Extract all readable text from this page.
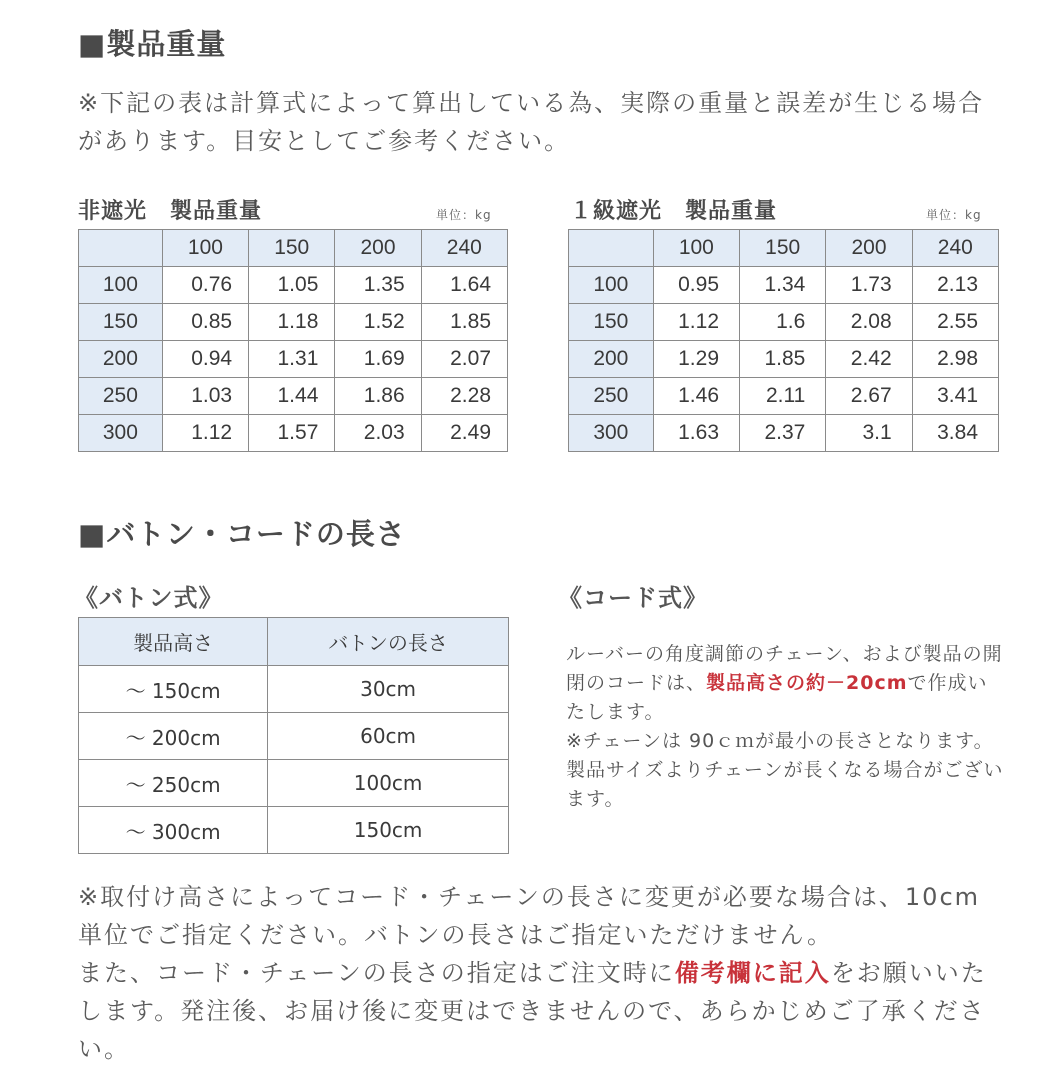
■製品重量
※下記の表は計算式によって算出している為、実際の重量と誤差が生じる場合があります。目安としてご参考ください。
非遮光　製品重量	単位：kg
	100	150	200	240
100	0.76	1.05	1.35	1.64
150	0.85	1.18	1.52	1.85
200	0.94	1.31	1.69	2.07
250	1.03	1.44	1.86	2.28
300	1.12	1.57	2.03	2.49
１級遮光　製品重量	単位：kg
	100	150	200	240
100	0.95	1.34	1.73	2.13
150	1.12	1.6	2.08	2.55
200	1.29	1.85	2.42	2.98
250	1.46	2.11	2.67	3.41
300	1.63	2.37	3.1	3.84
■バトン・コードの長さ
《バトン式》
製品高さ	バトンの長さ
～ 150cm	30cm
～ 200cm	60cm
～ 250cm	100cm
～ 300cm	150cm
《コード式》
ルーバーの角度調節のチェーン、および製品の開閉のコードは、製品高さの約－20cmで作成いたします。
※チェーンは 90ｃｍが最小の長さとなります。製品サイズよりチェーンが長くなる場合がございます。
※取付け高さによってコード・チェーンの長さに変更が必要な場合は、10cm 単位でご指定ください。バトンの長さはご指定いただけません。
また、コード・チェーンの長さの指定はご注文時に備考欄に記入をお願いいたします。発注後、お届け後に変更はできませんので、あらかじめご了承ください。
